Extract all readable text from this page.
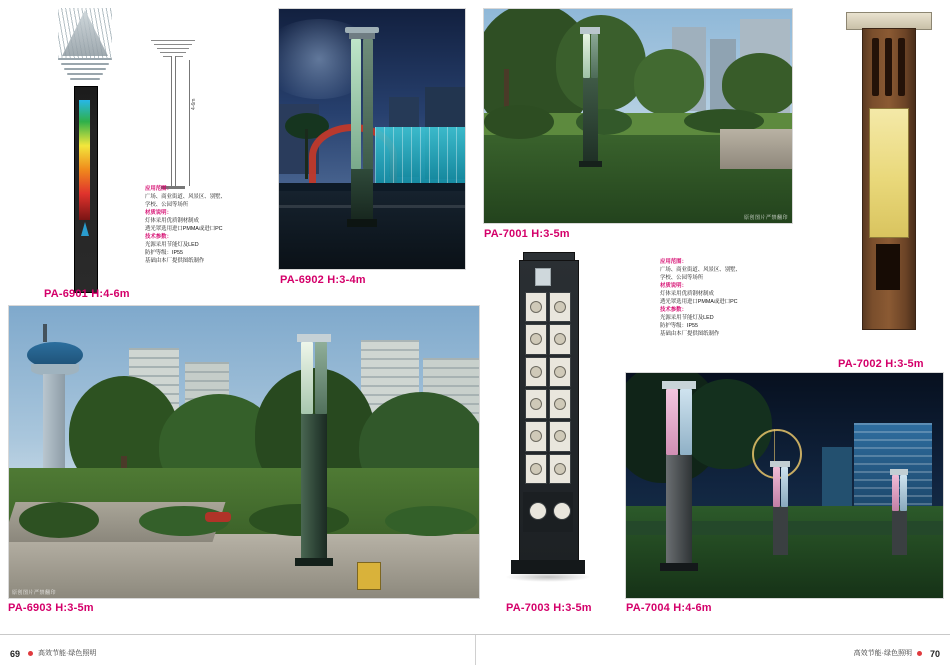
4-6m
应用范围：
广场、商业街道、风景区、别墅、
学校、公园等场所
材质说明：
灯体采用优质钢材制成
透光罩选用进口PMMA或进口PC
技术参数：
光源采用节能灯及LED
防护等级：IP55
基础由本厂提供图纸制作
PA-6901 H:4-6m
PA-6902 H:3-4m
原创图片严禁翻印
PA-7001 H:3-5m
PA-7002 H:3-5m
应用范围：
广场、商业街道、风景区、别墅、
学校、公园等场所
材质说明：
灯体采用优质钢材制成
透光罩选用进口PMMA或进口PC
技术参数：
光源采用节能灯及LED
防护等级：IP55
基础由本厂提供图纸制作
原创图片严禁翻印
PA-6903 H:3-5m	PA-7003 H:3-5m	PA-7004 H:4-6m
69	高效节能·绿色照明	高效节能·绿色照明 70
